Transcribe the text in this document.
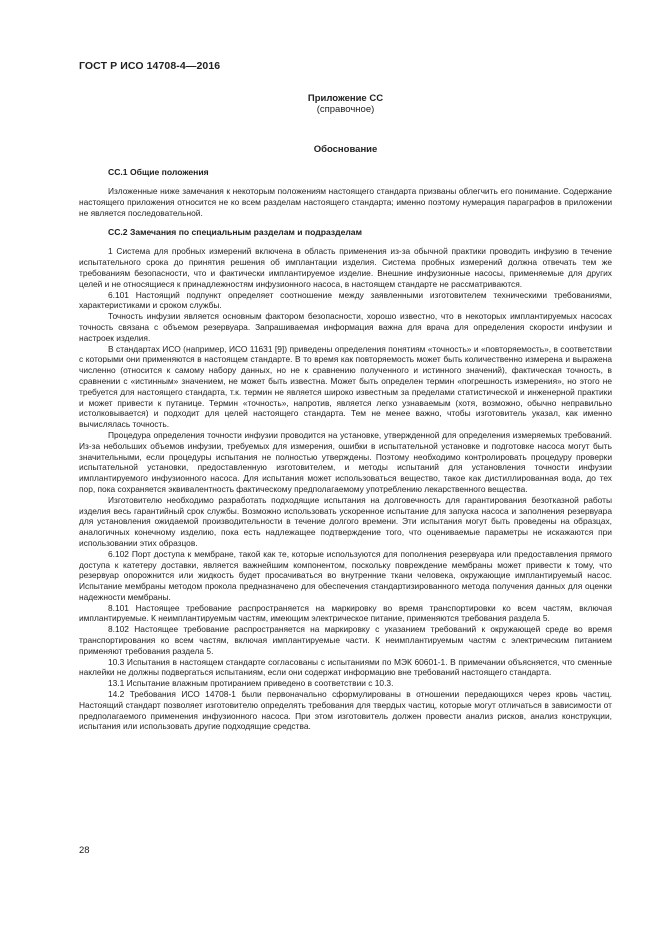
ГОСТ Р ИСО 14708-4—2016
Приложение СС
(справочное)
Обоснование
СС.1 Общие положения

Изложенные ниже замечания к некоторым положениям настоящего стандарта призваны облегчить его понимание. Содержание настоящего приложения относится не ко всем разделам настоящего стандарта; именно поэтому нумерация параграфов в приложении не является последовательной.

СС.2 Замечания по специальным разделам и подразделам

1 Система для пробных измерений включена в область применения из-за обычной практики проводить инфузию в течение испытательного срока до принятия решения об имплантации изделия. Система пробных измерений должна отвечать тем же требованиям безопасности, что и фактически имплантируемое изделие. Внешние инфузионные насосы, применяемые для других целей и не относящиеся к принадлежностям инфузионного насоса, в настоящем стандарте не рассматриваются.

6.101 Настоящий подпункт определяет соотношение между заявленными изготовителем техническими требованиями, характеристиками и сроком службы.

Точность инфузии является основным фактором безопасности, хорошо известно, что в некоторых имплантируемых насосах точность связана с объемом резервуара. Запрашиваемая информация важна для врача для определения скорости инфузии и настроек изделия.

В стандартах ИСО (например, ИСО 11631 [9]) приведены определения понятиям «точность» и «повторяемость», в соответствии с которыми они применяются в настоящем стандарте. В то время как повторяемость может быть количественно измерена и выражена численно (относится к самому набору данных, но не к сравнению полученного и истинного значений), фактическая точность, в сравнении с «истинным» значением, не может быть известна. Может быть определен термин «погрешность измерения», но этого не требуется для настоящего стандарта, т.к. термин не является широко известным за пределами статистической и инженерной практики и может привести к путанице. Термин «точность», напротив, является легко узнаваемым (хотя, возможно, обычно неправильно истолковывается) и подходит для целей настоящего стандарта. Тем не менее важно, чтобы изготовитель указал, как именно вычислялась точность.

Процедура определения точности инфузии проводится на установке, утвержденной для определения измеряемых требований. Из-за небольших объемов инфузии, требуемых для измерения, ошибки в испытательной установке и подготовке насоса могут быть значительными, если процедуры испытания не полностью утверждены. Поэтому необходимо контролировать процедуру проверки испытательной установки, предоставленную изготовителем, и методы испытаний для установления точности инфузии имплантируемого инфузионного насоса. Для испытания может использоваться вещество, такое как дистиллированная вода, до тех пор, пока сохраняется эквивалентность фактическому предполагаемому употреблению лекарственного вещества.

Изготовителю необходимо разработать подходящие испытания на долговечность для гарантирования безотказной работы изделия весь гарантийный срок службы. Возможно использовать ускоренное испытание для запуска насоса и заполнения резервуара для установления ожидаемой производительности в течение долгого времени. Эти испытания могут быть проведены на образцах, аналогичных конечному изделию, пока есть надлежащее подтверждение того, что оцениваемые параметры не искажаются при использовании этих образцов.

6.102 Порт доступа к мембране, такой как те, которые используются для пополнения резервуара или предоставления прямого доступа к катетеру доставки, является важнейшим компонентом, поскольку повреждение мембраны может привести к тому, что резервуар опорожнится или жидкость будет просачиваться во внутренние ткани человека, окружающие имплантируемый насос. Испытание мембраны методом прокола предназначено для обеспечения стандартизированного метода получения данных для оценки надежности мембраны.

8.101 Настоящее требование распространяется на маркировку во время транспортировки ко всем частям, включая имплантируемые. К неимплантируемым частям, имеющим электрическое питание, применяются требования раздела 5.

8.102 Настоящее требование распространяется на маркировку с указанием требований к окружающей среде во время транспортирования ко всем частям, включая имплантируемые части. К неимплантируемым частям с электрическим питанием применяют требования раздела 5.

10.3 Испытания в настоящем стандарте согласованы с испытаниями по МЭК 60601-1. В примечании объясняется, что сменные наклейки не должны подвергаться испытаниям, если они содержат информацию вне требований настоящего стандарта.

13.1 Испытание влажным протиранием приведено в соответствии с 10.3.

14.2 Требования ИСО 14708-1 были первоначально сформулированы в отношении передающихся через кровь частиц. Настоящий стандарт позволяет изготовителю определять требования для твердых частиц, которые могут отличаться в зависимости от предполагаемого применения инфузионного насоса. При этом изготовитель должен провести анализ рисков, анализ конструкции, испытания или использовать другие подходящие средства.

28
